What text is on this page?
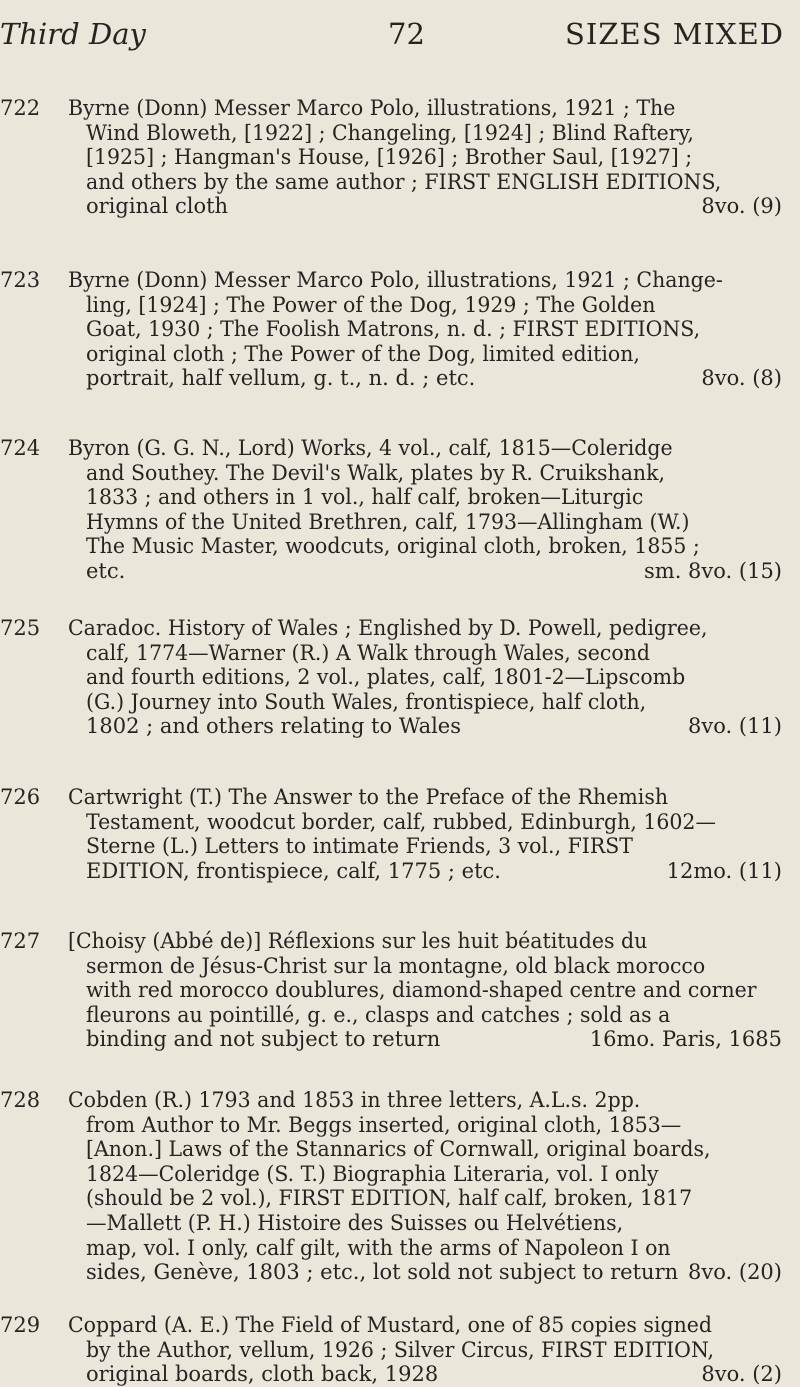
Third Day	72	SIZES MIXED
722	Byrne (Donn) Messer Marco Polo, illustrations, 1921 ; The
Wind Bloweth, [1922] ; Changeling, [1924] ; Blind Raftery,
[1925] ; Hangman's House, [1926] ; Brother Saul, [1927] ;
and others by the same author ; FIRST ENGLISH EDITIONS,
original cloth	8vo. (9)
723	Byrne (Donn) Messer Marco Polo, illustrations, 1921 ; Change-
ling, [1924] ; The Power of the Dog, 1929 ; The Golden
Goat, 1930 ; The Foolish Matrons, n. d. ; FIRST EDITIONS,
original cloth ; The Power of the Dog, limited edition,
portrait, half vellum, g. t., n. d. ; etc.	8vo. (8)
724	Byron (G. G. N., Lord) Works, 4 vol., calf, 1815—Coleridge
and Southey. The Devil's Walk, plates by R. Cruikshank,
1833 ; and others in 1 vol., half calf, broken—Liturgic
Hymns of the United Brethren, calf, 1793—Allingham (W.)
The Music Master, woodcuts, original cloth, broken, 1855 ;
etc.	sm. 8vo. (15)
725	Caradoc. History of Wales ; Englished by D. Powell, pedigree,
calf, 1774—Warner (R.) A Walk through Wales, second
and fourth editions, 2 vol., plates, calf, 1801-2—Lipscomb
(G.) Journey into South Wales, frontispiece, half cloth,
1802 ; and others relating to Wales	8vo. (11)
726	Cartwright (T.) The Answer to the Preface of the Rhemish
Testament, woodcut border, calf, rubbed, Edinburgh, 1602—
Sterne (L.) Letters to intimate Friends, 3 vol., FIRST
EDITION, frontispiece, calf, 1775 ; etc.	12mo. (11)
727	[Choisy (Abbé de)] Réflexions sur les huit béatitudes du
sermon de Jésus-Christ sur la montagne, old black morocco
with red morocco doublures, diamond-shaped centre and corner
fleurons au pointillé, g. e., clasps and catches ; sold as a
binding and not subject to return	16mo. Paris, 1685
728	Cobden (R.) 1793 and 1853 in three letters, A.L.s. 2pp.
from Author to Mr. Beggs inserted, original cloth, 1853—
[Anon.] Laws of the Stannarics of Cornwall, original boards,
1824—Coleridge (S. T.) Biographia Literaria, vol. I only
(should be 2 vol.), FIRST EDITION, half calf, broken, 1817
—Mallett (P. H.) Histoire des Suisses ou Helvétiens,
map, vol. I only, calf gilt, with the arms of Napoleon I on
sides, Genève, 1803 ; etc., lot sold not subject to return 8vo. (20)
729	Coppard (A. E.) The Field of Mustard, one of 85 copies signed
by the Author, vellum, 1926 ; Silver Circus, FIRST EDITION,
original boards, cloth back, 1928	8vo. (2)
